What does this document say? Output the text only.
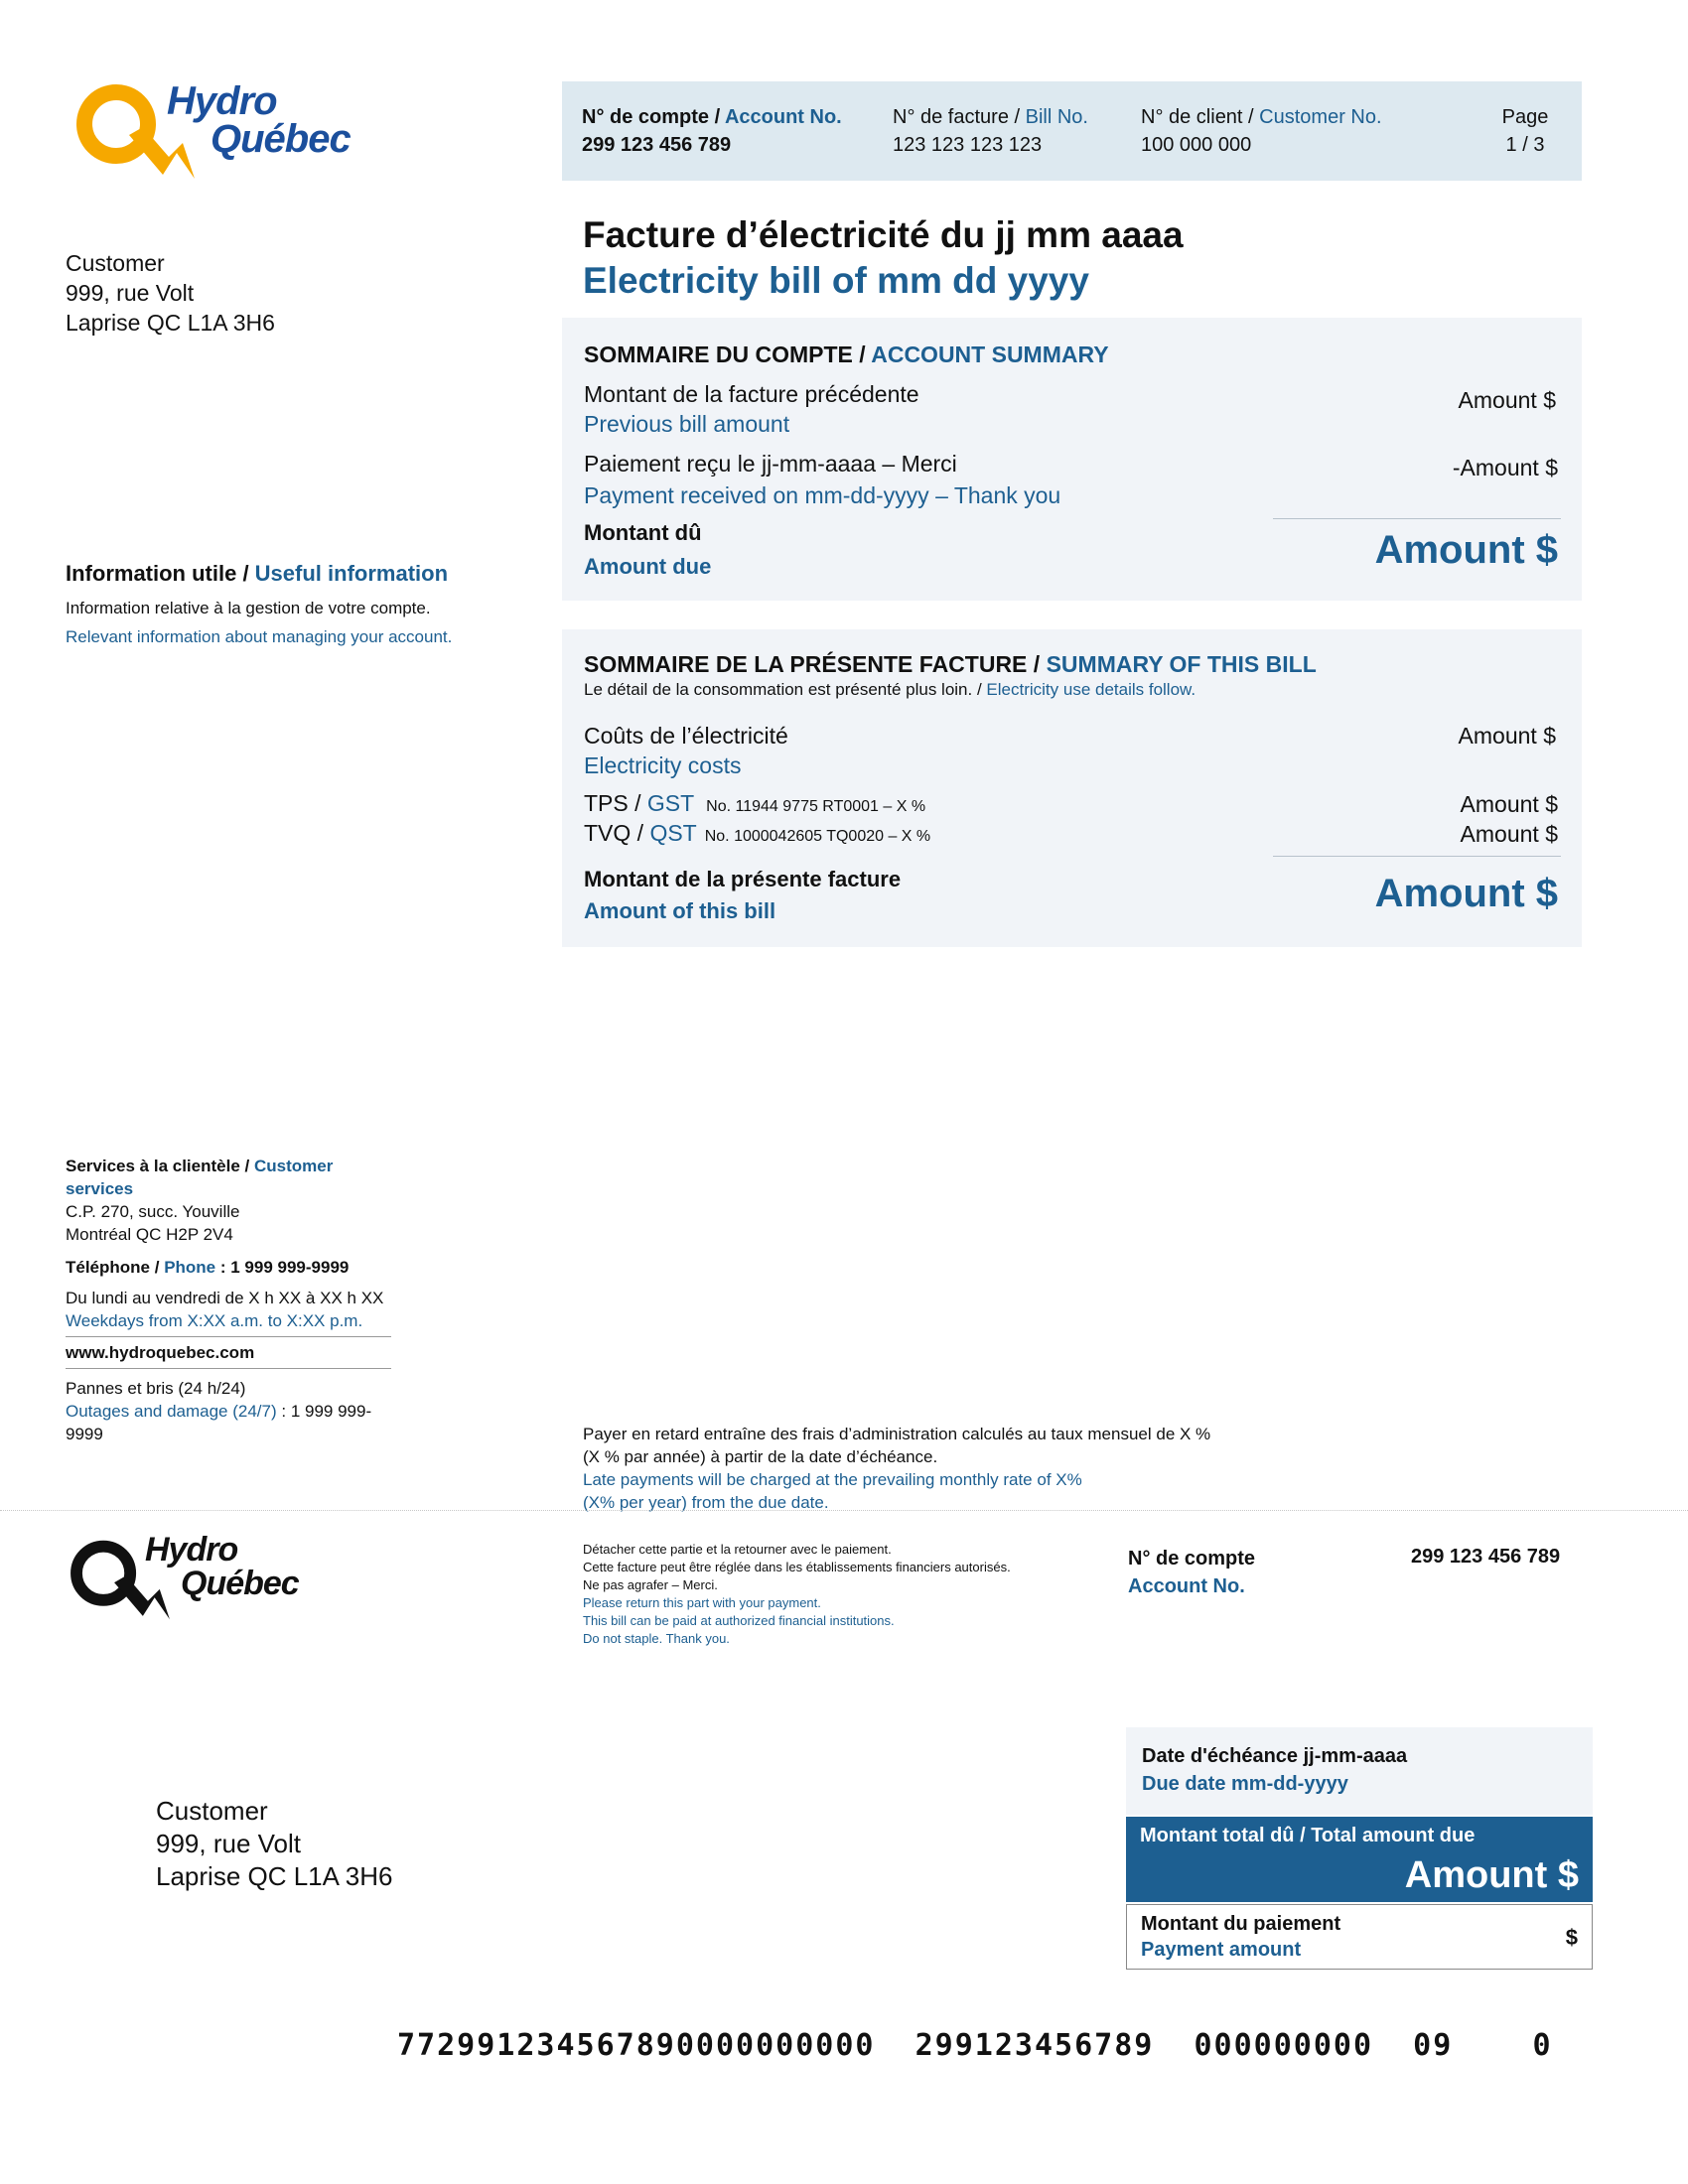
Hydro
Québec	N° de compte / Account No.
299 123 456 789
N° de facture / Bill No.
123 123 123 123
N° de client / Customer No.
100 000 000
Page
1 / 3
Customer
999, rue Volt
Laprise QC L1A 3H6
Facture d’électricité du jj mm aaaa
Electricity bill of mm dd yyyy
SOMMAIRE DU COMPTE / ACCOUNT SUMMARY
Montant de la facture précédente
Previous bill amount
Amount $
Paiement reçu le jj-mm-aaaa – Merci
Payment received on mm-dd-yyyy – Thank you
-Amount $
Montant dû
Amount due	Amount $
Information utile / Useful information
Information relative à la gestion de votre compte.
Relevant information about managing your account.
SOMMAIRE DE LA PRÉSENTE FACTURE / SUMMARY OF THIS BILL
Le détail de la consommation est présenté plus loin. / Electricity use details follow.
Coûts de l’électricité
Electricity costs
Amount $
TPS / GST No. 11944 9775 RT0001 – X %	Amount $
TVQ / QST No. 1000042605 TQ0020 – X %	Amount $
Montant de la présente facture
Amount of this bill	Amount $
Services à la clientèle / Customer services
C.P. 270, succ. Youville
Montréal QC H2P 2V4
Téléphone / Phone : 1 999 999-9999
Du lundi au vendredi de X h XX à XX h XX
Weekdays from X:XX a.m. to X:XX p.m.
www.hydroquebec.com
Pannes et bris (24 h/24)
Outages and damage (24/7) : 1 999 999-9999	Payer en retard entraîne des frais d’administration calculés au taux mensuel de X %
(X % par année) à partir de la date d’échéance.
Late payments will be charged at the prevailing monthly rate of X%
(X% per year) from the due date.
Hydro
Québec
Détacher cette partie et la retourner avec le paiement.
Cette facture peut être réglée dans les établissements financiers autorisés.
Ne pas agrafer – Merci.
Please return this part with your payment.
This bill can be paid at authorized financial institutions.
Do not staple. Thank you.
N° de compte
Account No.
299 123 456 789
Customer
999, rue Volt
Laprise QC L1A 3H6
Date d'échéance jj-mm-aaaa
Due date mm-dd-yyyy
Montant total dû / Total amount due
Amount $
Montant du paiement
Payment amount	$
772991234567890000000000  299123456789  000000000  09    0
